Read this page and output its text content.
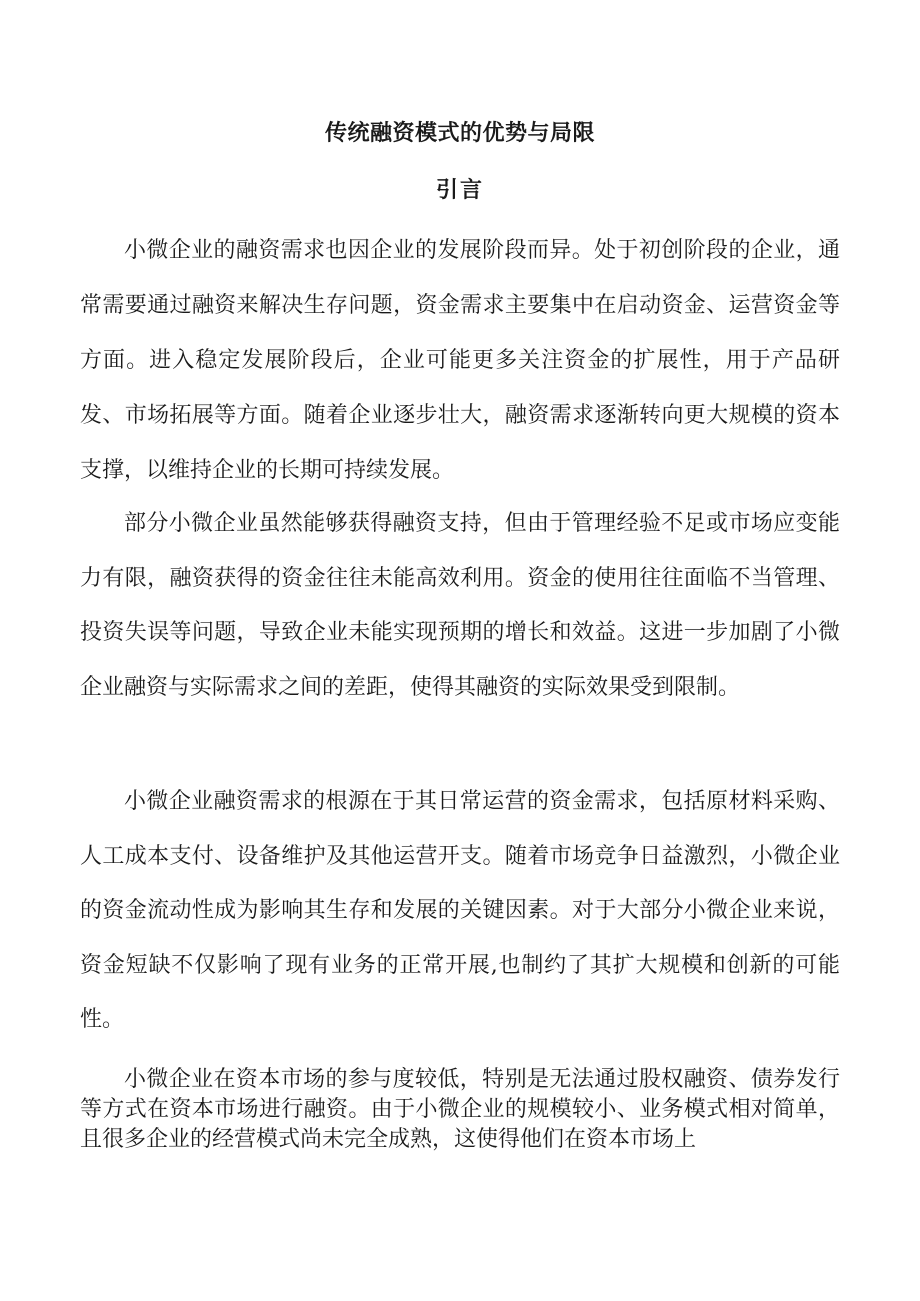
传统融资模式的优势与局限
引言

小微企业的融资需求也因企业的发展阶段而异。处于初创阶段的企业，通常需要通过融资来解决生存问题，资金需求主要集中在启动资金、运营资金等方面。进入稳定发展阶段后，企业可能更多关注资金的扩展性，用于产品研发、市场拓展等方面。随着企业逐步壮大，融资需求逐渐转向更大规模的资本支撑，以维持企业的长期可持续发展。

部分小微企业虽然能够获得融资支持，但由于管理经验不足或市场应变能力有限，融资获得的资金往往未能高效利用。资金的使用往往面临不当管理、投资失误等问题，导致企业未能实现预期的增长和效益。这进一步加剧了小微企业融资与实际需求之间的差距，使得其融资的实际效果受到限制。

小微企业融资需求的根源在于其日常运营的资金需求，包括原材料采购、人工成本支付、设备维护及其他运营开支。随着市场竞争日益激烈，小微企业的资金流动性成为影响其生存和发展的关键因素。对于大部分小微企业来说，资金短缺不仅影响了现有业务的正常开展,也制约了其扩大规模和创新的可能性。

小微企业在资本市场的参与度较低，特别是无法通过股权融资、债券发行等方式在资本市场进行融资。由于小微企业的规模较小、业务模式相对简单，且很多企业的经营模式尚未完全成熟，这使得他们在资本市场上
